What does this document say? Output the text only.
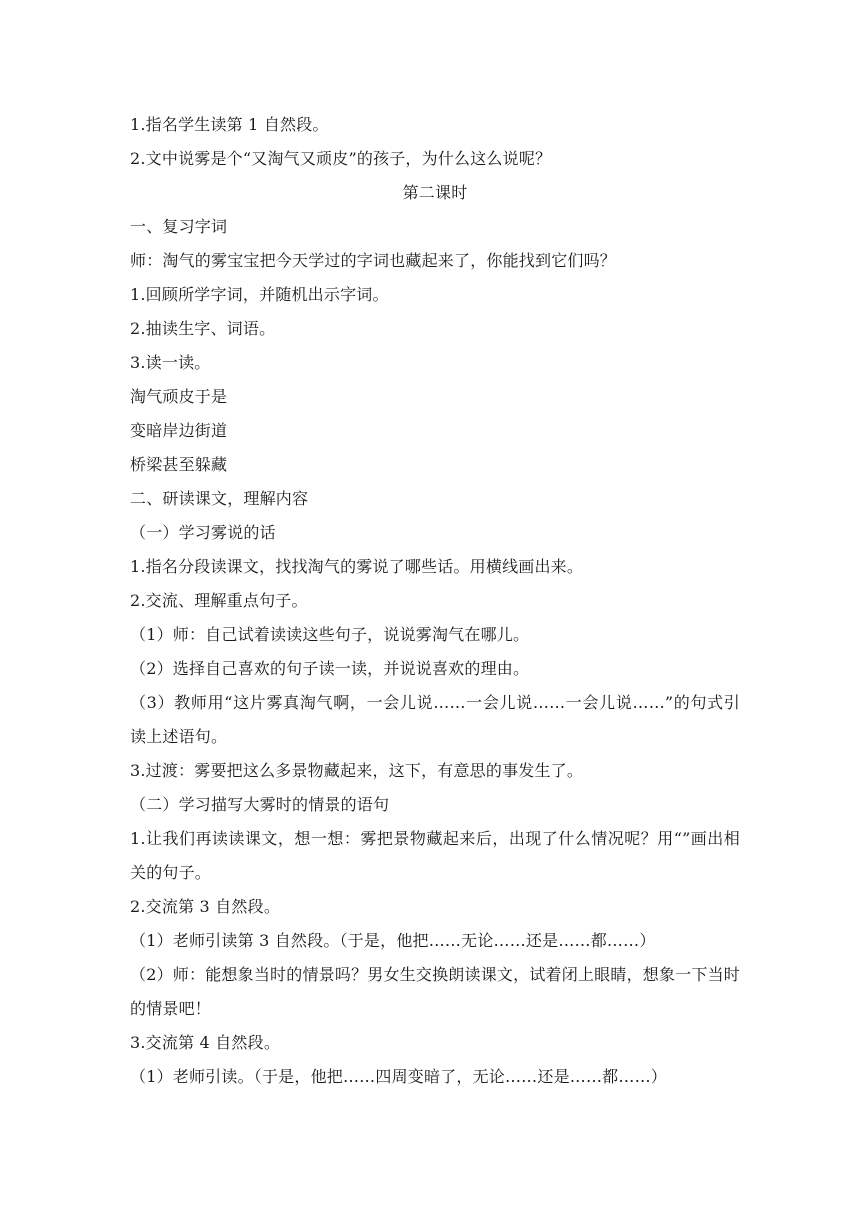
1.指名学生读第 1 自然段。
2.文中说雾是个“又淘气又顽皮”的孩子，为什么这么说呢？
第二课时
一、复习字词
师：淘气的雾宝宝把今天学过的字词也藏起来了，你能找到它们吗？
1.回顾所学字词，并随机出示字词。
2.抽读生字、词语。
3.读一读。
淘气顽皮于是
变暗岸边街道
桥梁甚至躲藏
二、研读课文，理解内容
（一）学习雾说的话
1.指名分段读课文，找找淘气的雾说了哪些话。用横线画出来。
2.交流、理解重点句子。
（1）师：自己试着读读这些句子，说说雾淘气在哪儿。
（2）选择自己喜欢的句子读一读，并说说喜欢的理由。
（3）教师用“这片雾真淘气啊，一会儿说……一会儿说……一会儿说……”的句式引读上述语句。
3.过渡：雾要把这么多景物藏起来，这下，有意思的事发生了。
（二）学习描写大雾时的情景的语句
1.让我们再读读课文，想一想：雾把景物藏起来后，出现了什么情况呢？用“”画出相关的句子。
2.交流第 3 自然段。
（1）老师引读第 3 自然段。（于是，他把……无论……还是……都……）
（2）师：能想象当时的情景吗？男女生交换朗读课文，试着闭上眼睛，想象一下当时的情景吧！
3.交流第 4 自然段。
（1）老师引读。（于是，他把……四周变暗了，无论……还是……都……）
